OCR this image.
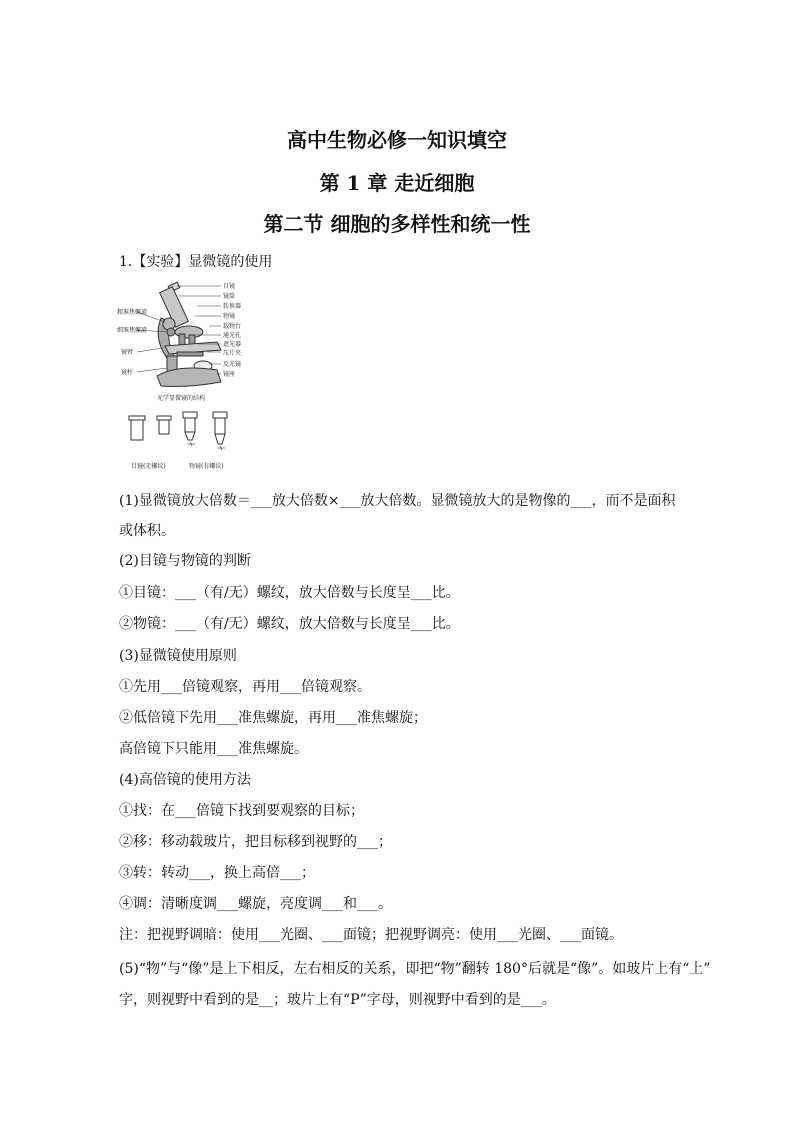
高中生物必修一知识填空
第 1 章 走近细胞
第二节 细胞的多样性和统一性
1.【实验】显微镜的使用
目镜
镜筒
转换器
物镜
载物台
通光孔
遮光器
压片夹
反光镜
镜座
粗准焦螺旋
细准焦螺旋
镜臂
镜柱
光学显微镜的结构
目镜(无螺纹)	物镜(有螺纹)
(1)显微镜放大倍数＝___放大倍数×___放大倍数。显微镜放大的是物像的___，而不是面积
或体积。
(2)目镜与物镜的判断
①目镜：___（有/无）螺纹，放大倍数与长度呈___比。
②物镜：___（有/无）螺纹，放大倍数与长度呈___比。
(3)显微镜使用原则
①先用___倍镜观察，再用___倍镜观察。
②低倍镜下先用___准焦螺旋，再用___准焦螺旋；
高倍镜下只能用___准焦螺旋。
(4)高倍镜的使用方法
①找：在___倍镜下找到要观察的目标；
②移：移动载玻片，把目标移到视野的___；
③转：转动___，换上高倍___；
④调：清晰度调___螺旋，亮度调___和___。
注：把视野调暗：使用___光圈、___面镜；把视野调亮：使用___光圈、___面镜。
(5)“物”与“像”是上下相反，左右相反的关系，即把“物”翻转 180°后就是“像”。如玻片上有“上”
字，则视野中看到的是__；玻片上有“P”字母，则视野中看到的是___。
